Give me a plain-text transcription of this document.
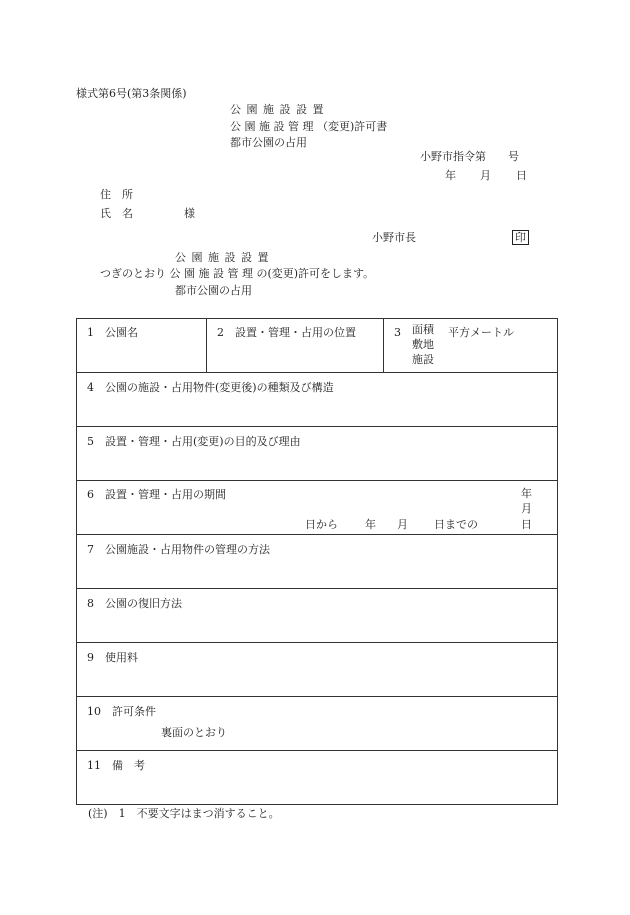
様式第6号(第3条関係)
公 園 施 設 設 置
公 園 施 設 管 理 （変更)許可書
都市公園の占用
小野市指令第　　号
年 月 日
住　所
氏　名	様
小野市長	印
公 園 施 設 設 置
つぎのとおり 公 園 施 設 管 理 の(変更)許可をします。
都市公園の占用
1　公園名	2　設置・管理・占用の位置	3 面積
敷地
施設
平方メートル

4　公園の施設・占用物件(変更後)の種類及び構造

5　設置・管理・占用(変更)の目的及び理由

6　設置・管理・占用の期間
日から 年 月 日までの
年
月
日

7　公園施設・占用物件の管理の方法

8　公園の復旧方法

9　使用料

10　許可条件
裏面のとおり

11　備　考
(注)　1　不要文字はまつ消すること。
